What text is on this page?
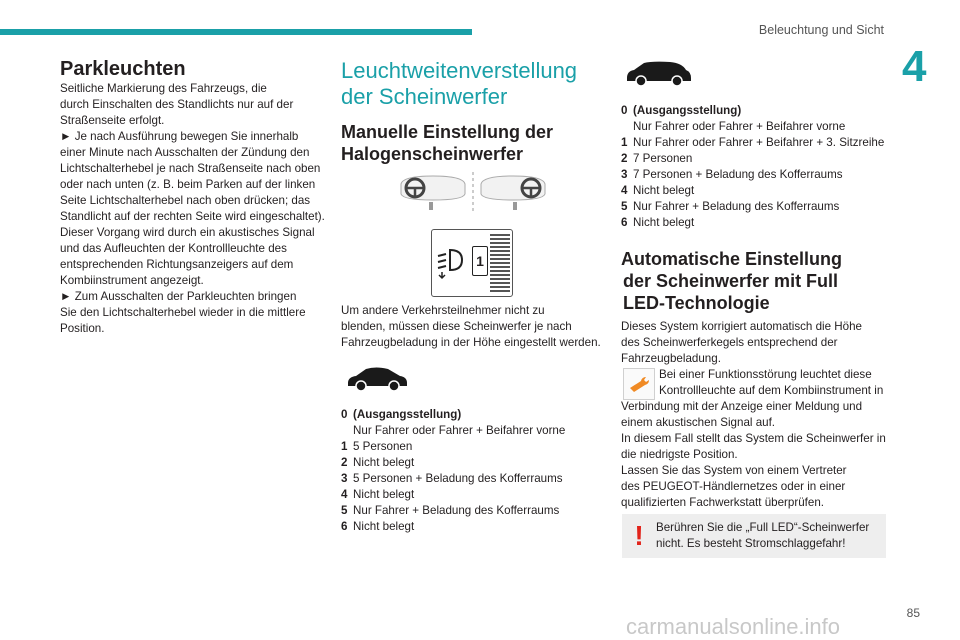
Beleuchtung und Sicht
4
Parkleuchten

Seitliche Markierung des Fahrzeugs, die

durch Einschalten des Standlichts nur auf der

Straßenseite erfolgt.

► Je nach Ausführung bewegen Sie innerhalb

einer Minute nach Ausschalten der Zündung den

Lichtschalterhebel je nach Straßenseite nach oben

oder nach unten (z. B. beim Parken auf der linken

Seite Lichtschalterhebel nach oben drücken; das

Standlicht auf der rechten Seite wird eingeschaltet).

Dieser Vorgang wird durch ein akustisches Signal

und das Aufleuchten der Kontrollleuchte des

entsprechenden Richtungsanzeigers auf dem

Kombiinstrument angezeigt.

► Zum Ausschalten der Parkleuchten bringen

Sie den Lichtschalterhebel wieder in die mittlere

Position.

Leuchtweitenverstellung
der Scheinwerfer
Manuelle Einstellung der
Halogenscheinwerfer
1

Um andere Verkehrsteilnehmer nicht zu

blenden, müssen diese Scheinwerfer je nach

Fahrzeugbeladung in der Höhe eingestellt werden.

0 (Ausgangsstellung)
Nur Fahrer oder Fahrer + Beifahrer vorne
1 5 Personen
2 Nicht belegt
3 5 Personen + Beladung des Kofferraums
4 Nicht belegt
5 Nur Fahrer + Beladung des Kofferraums
6 Nicht belegt
0 (Ausgangsstellung)
Nur Fahrer oder Fahrer + Beifahrer vorne
1 Nur Fahrer oder Fahrer + Beifahrer + 3. Sitzreihe
2 7 Personen
3 7 Personen + Beladung des Kofferraums
4 Nicht belegt
5 Nur Fahrer + Beladung des Kofferraums
6 Nicht belegt
Automatische Einstellung
der Scheinwerfer mit Full
LED-Technologie

Dieses System korrigiert automatisch die Höhe

des Scheinwerferkegels entsprechend der

Fahrzeugbeladung.

Bei einer Funktionsstörung leuchtet diese

Kontrollleuchte auf dem Kombiinstrument in

Verbindung mit der Anzeige einer Meldung und

einem akustischen Signal auf.

In diesem Fall stellt das System die Scheinwerfer in

die niedrigste Position.

Lassen Sie das System von einem Vertreter

des PEUGEOT-Händlernetzes oder in einer

qualifizierten Fachwerkstatt überprüfen.

! Berühren Sie die „Full LED“-Scheinwerfer

nicht. Es besteht Stromschlaggefahr!

85
carmanualsonline.info
